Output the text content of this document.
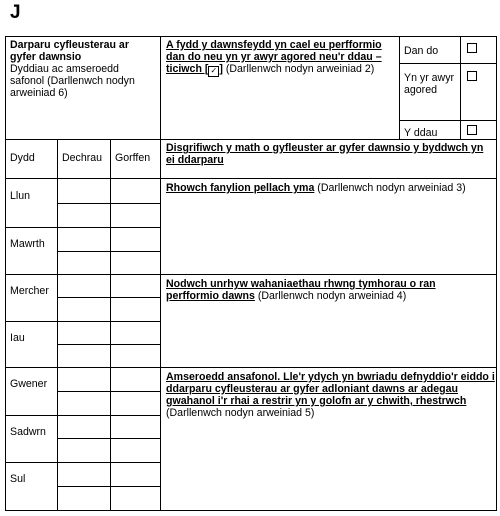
J
Darparu cyfleusterau ar gyfer dawnsio
Dyddiau ac amseroedd safonol (Darllenwch nodyn arweiniad 6)
A fydd y dawnsfeydd yn cael eu perfformio dan do neu yn yr awyr agored neu'r ddau – ticiwch [ ✓ ] (Darllenwch nodyn arweiniad 2)
Dan do
Yn yr awyr agored
Y ddau
Dydd	Dechrau Gorffen
Llun
Mawrth
Mercher
Iau
Gwener
Sadwrn
Sul
Disgrifiwch y math o gyfleuster ar gyfer dawnsio y byddwch yn ei ddarparu
Rhowch fanylion pellach yma (Darllenwch nodyn arweiniad 3)
Nodwch unrhyw wahaniaethau rhwng tymhorau o ran perfformio dawns (Darllenwch nodyn arweiniad 4)
Amseroedd ansafonol. Lle'r ydych yn bwriadu defnyddio'r eiddo i ddarparu cyfleusterau ar gyfer adloniant dawns ar adegau gwahanol i'r rhai a restrir yn y golofn ar y chwith, rhestrwch (Darllenwch nodyn arweiniad 5)
